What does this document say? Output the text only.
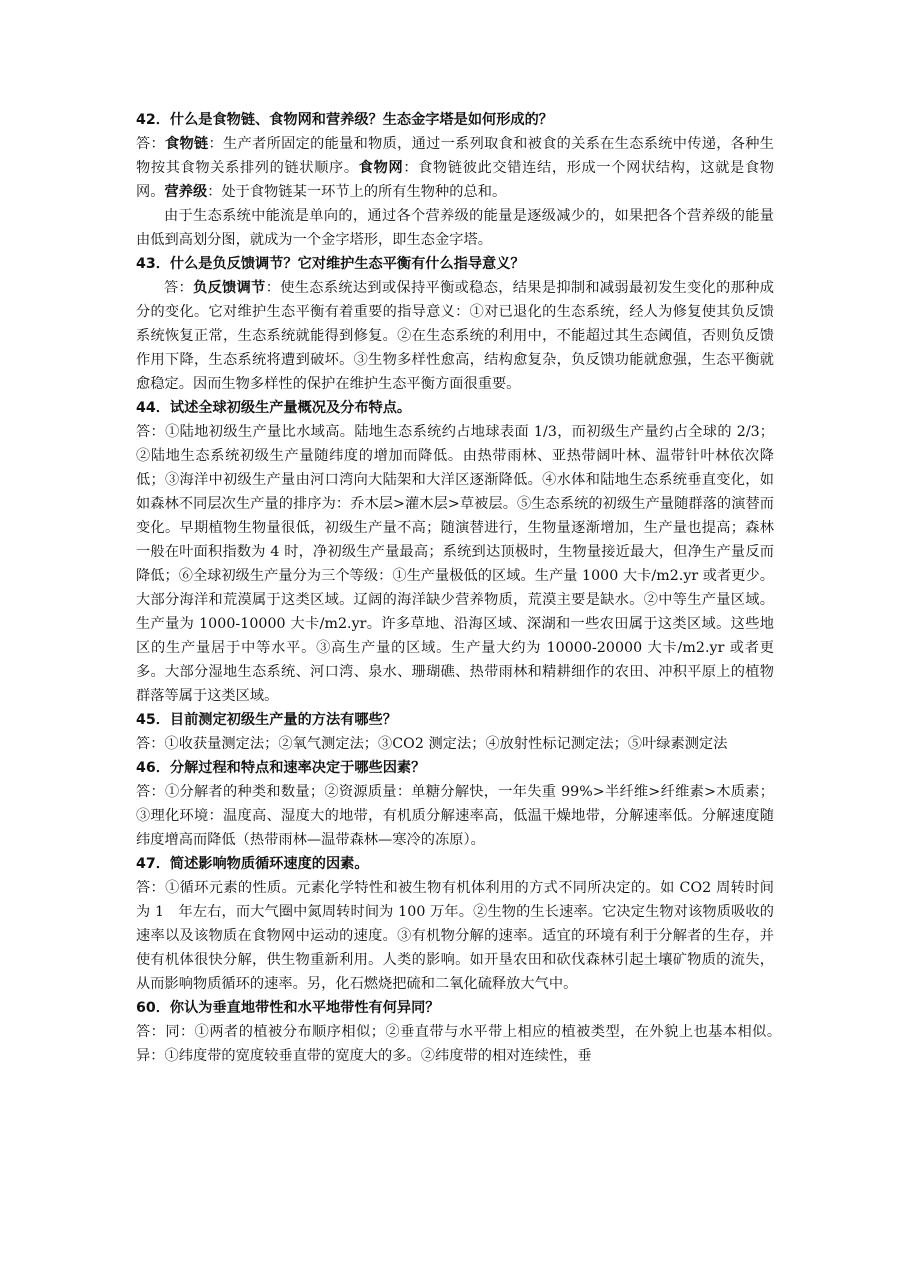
42．什么是食物链、食物网和营养级？生态金字塔是如何形成的？

答：食物链：生产者所固定的能量和物质，通过一系列取食和被食的关系在生态系统中传递，各种生物按其食物关系排列的链状顺序。食物网：食物链彼此交错连结，形成一个网状结构，这就是食物网。营养级：处于食物链某一环节上的所有生物种的总和。

由于生态系统中能流是单向的，通过各个营养级的能量是逐级减少的，如果把各个营养级的能量由低到高划分图，就成为一个金字塔形，即生态金字塔。

43．什么是负反馈调节？它对维护生态平衡有什么指导意义？

答：负反馈调节：使生态系统达到或保持平衡或稳态，结果是抑制和减弱最初发生变化的那种成分的变化。它对维护生态平衡有着重要的指导意义：①对已退化的生态系统，经人为修复使其负反馈系统恢复正常，生态系统就能得到修复。②在生态系统的利用中，不能超过其生态阈值，否则负反馈作用下降，生态系统将遭到破坏。③生物多样性愈高，结构愈复杂，负反馈功能就愈强，生态平衡就愈稳定。因而生物多样性的保护在维护生态平衡方面很重要。

44．试述全球初级生产量概况及分布特点。

答：①陆地初级生产量比水域高。陆地生态系统约占地球表面 1/3，而初级生产量约占全球的 2/3；②陆地生态系统初级生产量随纬度的增加而降低。由热带雨林、亚热带阔叶林、温带针叶林依次降低；③海洋中初级生产量由河口湾向大陆架和大洋区逐渐降低。④水体和陆地生态系统垂直变化，如如森林不同层次生产量的排序为：乔木层>灌木层>草被层。⑤生态系统的初级生产量随群落的演替而变化。早期植物生物量很低，初级生产量不高；随演替进行，生物量逐渐增加，生产量也提高；森林一般在叶面积指数为 4 时，净初级生产量最高；系统到达顶极时，生物量接近最大，但净生产量反而降低；⑥全球初级生产量分为三个等级：①生产量极低的区域。生产量 1000 大卡/m2.yr 或者更少。大部分海洋和荒漠属于这类区域。辽阔的海洋缺少营养物质，荒漠主要是缺水。②中等生产量区域。生产量为 1000-10000 大卡/m2.yr。许多草地、沿海区域、深湖和一些农田属于这类区域。这些地区的生产量居于中等水平。③高生产量的区域。生产量大约为 10000-20000 大卡/m2.yr 或者更多。大部分湿地生态系统、河口湾、泉水、珊瑚礁、热带雨林和精耕细作的农田、冲积平原上的植物群落等属于这类区域。

45．目前测定初级生产量的方法有哪些？

答：①收获量测定法；②氧气测定法；③CO2 测定法；④放射性标记测定法；⑤叶绿素测定法

46．分解过程和特点和速率决定于哪些因素？

答：①分解者的种类和数量；②资源质量：单糖分解快，一年失重 99%>半纤维>纤维素>木质素；③理化环境：温度高、湿度大的地带，有机质分解速率高，低温干燥地带，分解速率低。分解速度随纬度增高而降低（热带雨林—温带森林—寒冷的冻原）。

47．简述影响物质循环速度的因素。

答：①循环元素的性质。元素化学特性和被生物有机体利用的方式不同所决定的。如 CO2 周转时间为 1　年左右，而大气圈中氮周转时间为 100 万年。②生物的生长速率。它决定生物对该物质吸收的速率以及该物质在食物网中运动的速度。③有机物分解的速率。适宜的环境有利于分解者的生存，并使有机体很快分解，供生物重新利用。人类的影响。如开垦农田和砍伐森林引起土壤矿物质的流失，从而影响物质循环的速率。另，化石燃烧把硫和二氧化硫释放大气中。

60．你认为垂直地带性和水平地带性有何异同？

答：同：①两者的植被分布顺序相似；②垂直带与水平带上相应的植被类型，在外貌上也基本相似。　　　　异：①纬度带的宽度较垂直带的宽度大的多。②纬度带的相对连续性，垂
